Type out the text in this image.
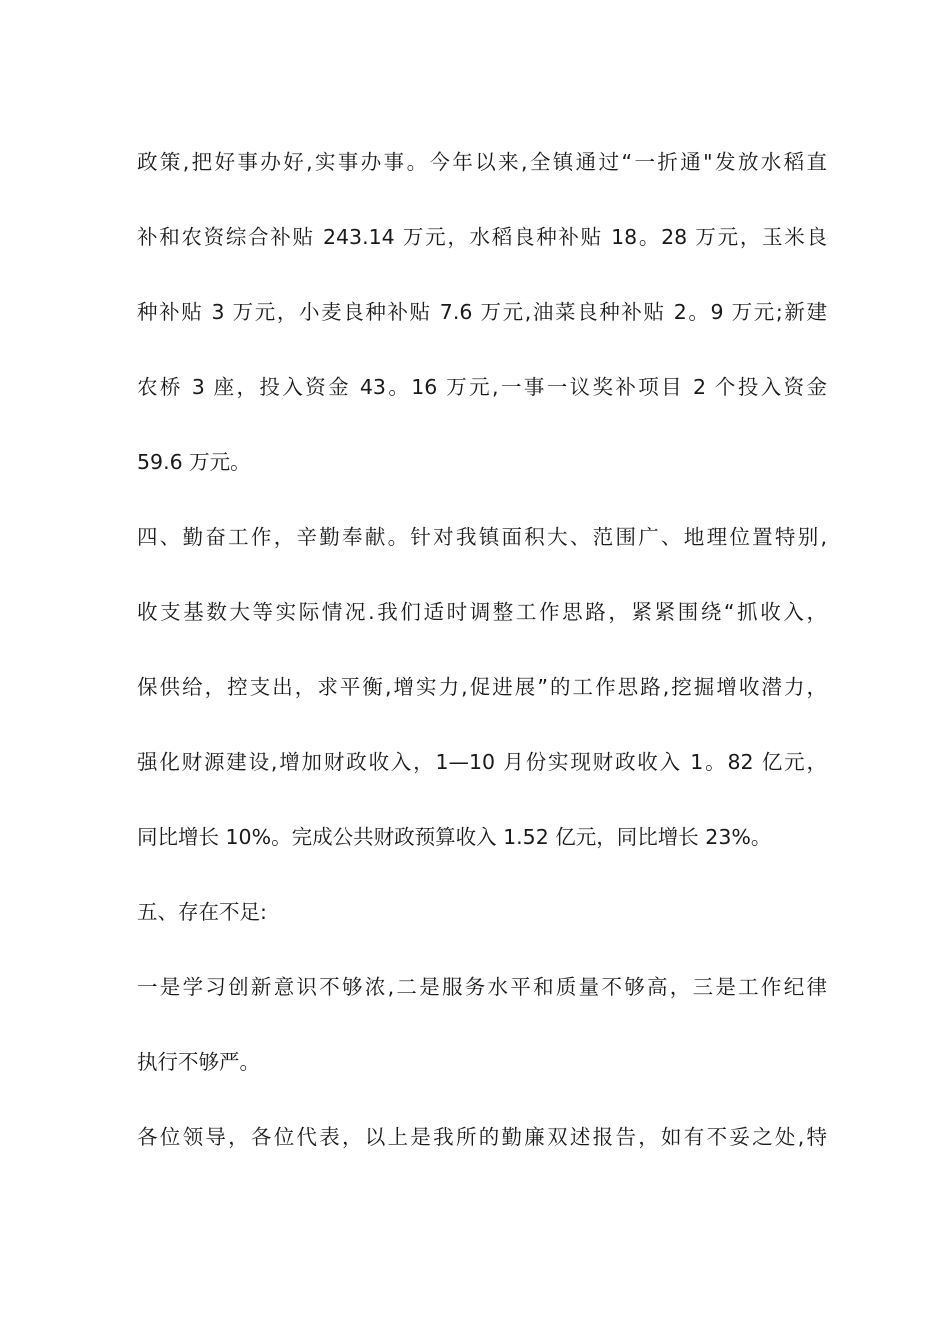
政策,把好事办好,实事办事。今年以来,全镇通过“一折通"发放水稻直
补和农资综合补贴 243.14 万元，水稻良种补贴 18。28 万元，玉米良
种补贴 3 万元，小麦良种补贴 7.6 万元,油菜良种补贴 2。9 万元;新建
农桥 3 座，投入资金 43。16 万元,一事一议奖补项目 2 个投入资金
59.6 万元。
四、勤奋工作，辛勤奉献。针对我镇面积大、范围广、地理位置特别,
收支基数大等实际情况.我们适时调整工作思路，紧紧围绕“抓收入，
保供给，控支出，求平衡,增实力,促进展”的工作思路,挖掘增收潜力，
强化财源建设,增加财政收入，1—10 月份实现财政收入 1。82 亿元，
同比增长 10%。完成公共财政预算收入 1.52 亿元，同比增长 23%。
五、存在不足:
一是学习创新意识不够浓,二是服务水平和质量不够高，三是工作纪律
执行不够严。
各位领导，各位代表，以上是我所的勤廉双述报告，如有不妥之处,特
